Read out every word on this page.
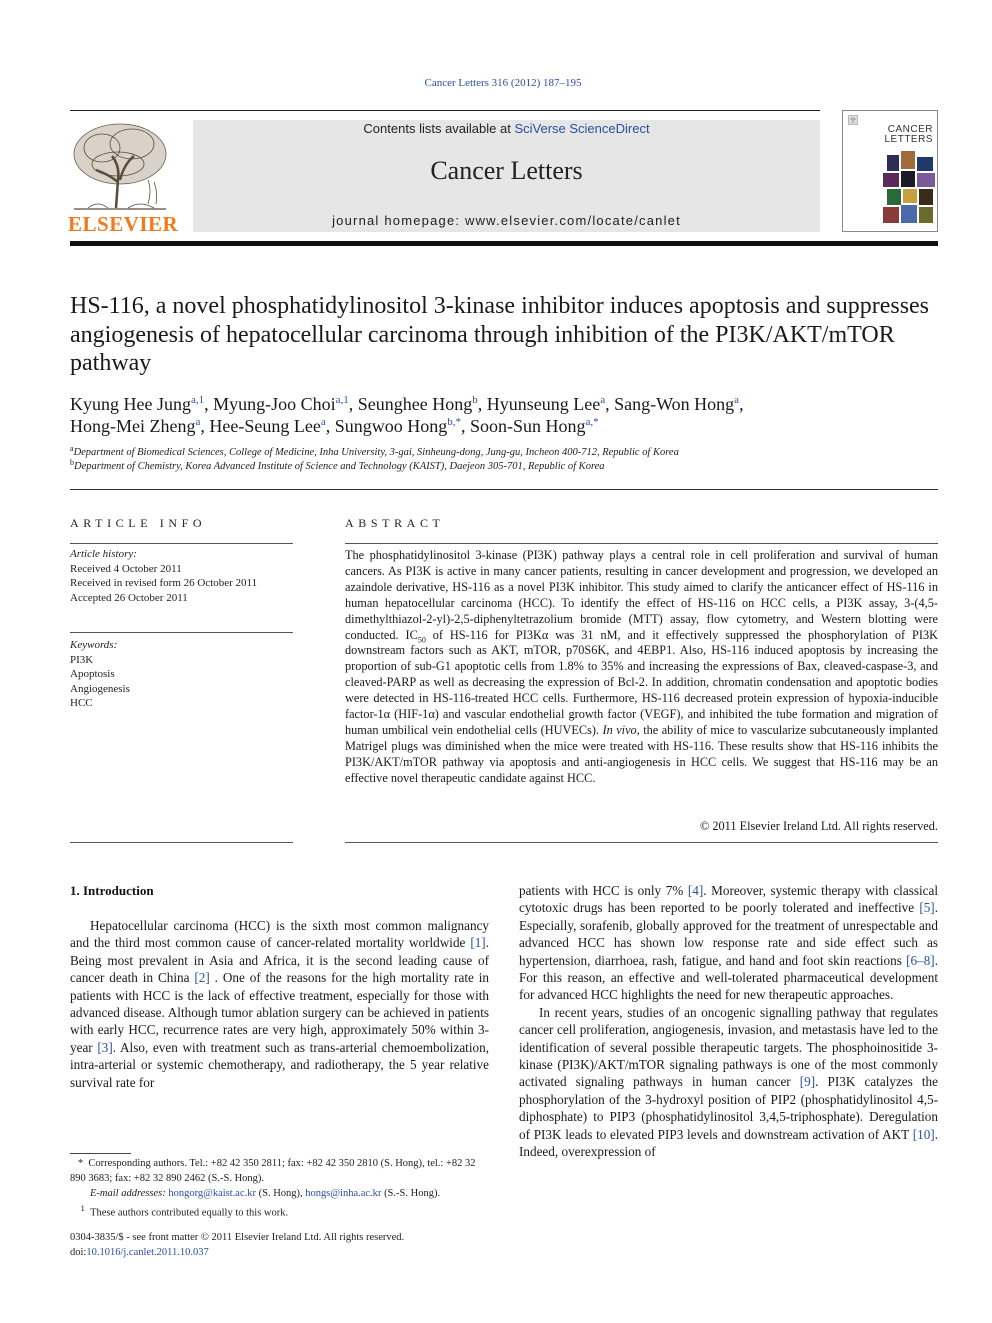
Cancer Letters 316 (2012) 187–195
ELSEVIER
Contents lists available at SciVerse ScienceDirect
Cancer Letters
journal homepage: www.elsevier.com/locate/canlet
CANCER
LETTERS
HS-116, a novel phosphatidylinositol 3-kinase inhibitor induces apoptosis and suppresses angiogenesis of hepatocellular carcinoma through inhibition of the PI3K/AKT/mTOR pathway
Kyung Hee Jung$^{a,1}$, Myung-Joo Choi$^{a,1}$, Seunghee Hong$^b$, Hyunseung Lee$^a$, Sang-Won Hong$^a$,
Hong-Mei Zheng$^a$, Hee-Seung Lee$^a$, Sungwoo Hong$^{b,*}$, Soon-Sun Hong$^{a,*}$
$^a$Department of Biomedical Sciences, College of Medicine, Inha University, 3-gai, Sinheung-dong, Jung-gu, Incheon 400-712, Republic of Korea
$^b$Department of Chemistry, Korea Advanced Institute of Science and Technology (KAIST), Daejeon 305-701, Republic of Korea
ARTICLE INFO
Article history:
Received 4 October 2011
Received in revised form 26 October 2011
Accepted 26 October 2011
Keywords:
PI3K
Apoptosis
Angiogenesis
HCC
ABSTRACT
The phosphatidylinositol 3-kinase (PI3K) pathway plays a central role in cell proliferation and survival of human cancers. As PI3K is active in many cancer patients, resulting in cancer development and progression, we developed an azaindole derivative, HS-116 as a novel PI3K inhibitor. This study aimed to clarify the anticancer effect of HS-116 in human hepatocellular carcinoma (HCC). To identify the effect of HS-116 on HCC cells, a PI3K assay, 3-(4,5-dimethylthiazol-2-yl)-2,5-diphenyltetrazolium bromide (MTT) assay, flow cytometry, and Western blotting were conducted. $IC_{50}$ of HS-116 for PI3Kα was 31 nM, and it effectively suppressed the phosphorylation of PI3K downstream factors such as AKT, mTOR, p70S6K, and 4EBP1. Also, HS-116 induced apoptosis by increasing the proportion of sub-G1 apoptotic cells from 1.8% to 35% and increasing the expressions of Bax, cleaved-caspase-3, and cleaved-PARP as well as decreasing the expression of Bcl-2. In addition, chromatin condensation and apoptotic bodies were detected in HS-116-treated HCC cells. Furthermore, HS-116 decreased protein expression of hypoxia-inducible factor-1α (HIF-1α) and vascular endothelial growth factor (VEGF), and inhibited the tube formation and migration of human umbilical vein endothelial cells (HUVECs). In vivo, the ability of mice to vascularize subcutaneously implanted Matrigel plugs was diminished when the mice were treated with HS-116. These results show that HS-116 inhibits the PI3K/AKT/mTOR pathway via apoptosis and anti-angiogenesis in HCC cells. We suggest that HS-116 may be an effective novel therapeutic candidate against HCC.
© 2011 Elsevier Ireland Ltd. All rights reserved.
1. Introduction

Hepatocellular carcinoma (HCC) is the sixth most common malignancy and the third most common cause of cancer-related mortality worldwide [1]. Being most prevalent in Asia and Africa, it is the second leading cause of cancer death in China [2] . One of the reasons for the high mortality rate in patients with HCC is the lack of effective treatment, especially for those with advanced disease. Although tumor ablation surgery can be achieved in patients with early HCC, recurrence rates are very high, approximately 50% within 3-year [3]. Also, even with treatment such as trans-arterial chemoembolization, intra-arterial or systemic chemotherapy, and radiotherapy, the 5 year relative survival rate for

patients with HCC is only 7% [4]. Moreover, systemic therapy with classical cytotoxic drugs has been reported to be poorly tolerated and ineffective [5]. Especially, sorafenib, globally approved for the treatment of unrespectable and advanced HCC has shown low response rate and side effect such as hypertension, diarrhoea, rash, fatigue, and hand and foot skin reactions [6–8]. For this reason, an effective and well-tolerated pharmaceutical development for advanced HCC highlights the need for new therapeutic approaches.

In recent years, studies of an oncogenic signalling pathway that regulates cancer cell proliferation, angiogenesis, invasion, and metastasis have led to the identification of several possible therapeutic targets. The phosphoinositide 3-kinase (PI3K)/AKT/mTOR signaling pathways is one of the most commonly activated signaling pathways in human cancer [9]. PI3K catalyzes the phosphorylation of the 3-hydroxyl position of PIP2 (phosphatidylinositol 4,5-diphosphate) to PIP3 (phosphatidylinositol 3,4,5-triphosphate). Deregulation of PI3K leads to elevated PIP3 levels and downstream activation of AKT [10]. Indeed, overexpression of

* Corresponding authors. Tel.: +82 42 350 2811; fax: +82 42 350 2810 (S. Hong), tel.: +82 32 890 3683; fax: +82 32 890 2462 (S.-S. Hong).
E-mail addresses: hongorg@kaist.ac.kr (S. Hong), hongs@inha.ac.kr (S.-S. Hong).
$^1$ These authors contributed equally to this work.
0304-3835/$ - see front matter © 2011 Elsevier Ireland Ltd. All rights reserved.
doi:10.1016/j.canlet.2011.10.037
